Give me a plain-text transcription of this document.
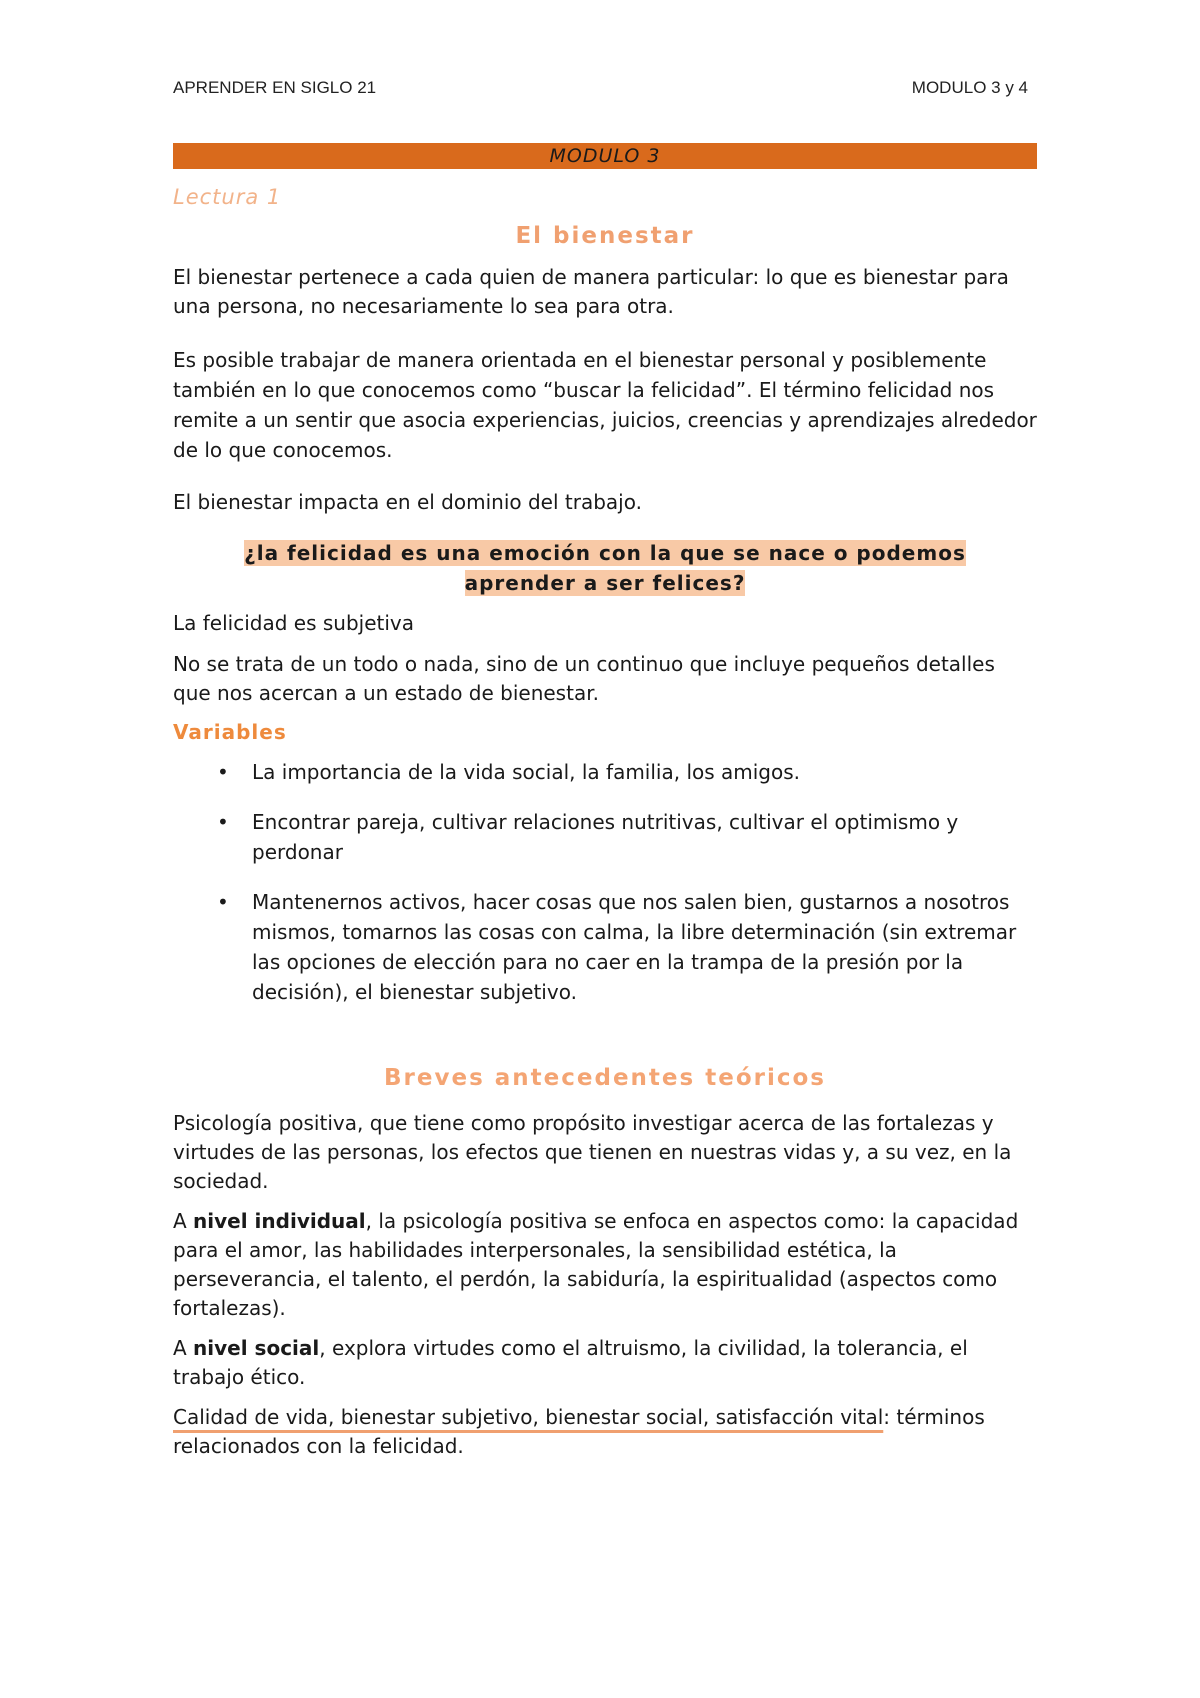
APRENDER EN SIGLO 21	MODULO 3 y 4
MODULO 3
Lectura 1
El bienestar

El bienestar pertenece a cada quien de manera particular: lo que es bienestar para una persona, no necesariamente lo sea para otra.

Es posible trabajar de manera orientada en el bienestar personal y posiblemente también en lo que conocemos como “buscar la felicidad”. El término felicidad nos remite a un sentir que asocia experiencias, juicios, creencias y aprendizajes alrededor de lo que conocemos.

El bienestar impacta en el dominio del trabajo.

¿la felicidad es una emoción con la que se nace o podemos
aprender a ser felices?

La felicidad es subjetiva

No se trata de un todo o nada, sino de un continuo que incluye pequeños detalles que nos acercan a un estado de bienestar.

Variables
• La importancia de la vida social, la familia, los amigos.
• Encontrar pareja, cultivar relaciones nutritivas, cultivar el optimismo y perdonar
• Mantenernos activos, hacer cosas que nos salen bien, gustarnos a nosotros mismos, tomarnos las cosas con calma, la libre determinación (sin extremar las opciones de elección para no caer en la trampa de la presión por la decisión), el bienestar subjetivo.
Breves antecedentes teóricos

Psicología positiva, que tiene como propósito investigar acerca de las fortalezas y virtudes de las personas, los efectos que tienen en nuestras vidas y, a su vez, en la sociedad.

A nivel individual, la psicología positiva se enfoca en aspectos como: la capacidad para el amor, las habilidades interpersonales, la sensibilidad estética, la perseverancia, el talento, el perdón, la sabiduría, la espiritualidad (aspectos como fortalezas).

A nivel social, explora virtudes como el altruismo, la civilidad, la tolerancia, el trabajo ético.

Calidad de vida, bienestar subjetivo, bienestar social, satisfacción vital: términos relacionados con la felicidad.
